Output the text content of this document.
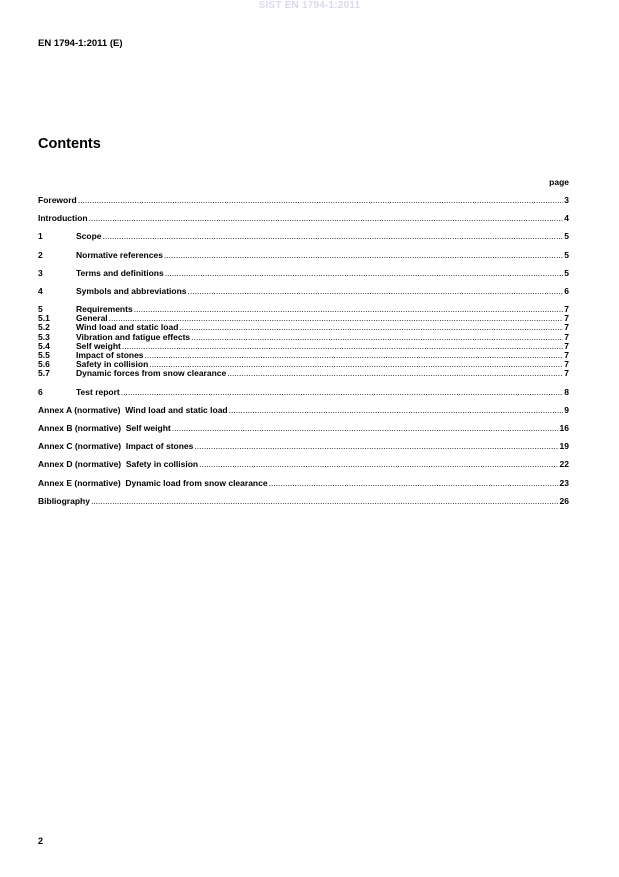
SIST EN 1794-1:2011
EN 1794-1:2011 (E)
Contents
page
Foreword .....	3
Introduction .....	4
1	Scope .....	5
2	Normative references .....	5
3	Terms and definitions .....	5
4	Symbols and abbreviations .....	6
5	Requirements .....	7
5.1	General .....	7
5.2	Wind load and static load .....	7
5.3	Vibration and fatigue effects .....	7
5.4	Self weight .....	7
5.5	Impact of stones .....	7
5.6	Safety in collision .....	7
5.7	Dynamic forces from snow clearance .....	7
6	Test report .....	8
Annex A (normative)  Wind load and static load .....	9
Annex B (normative)  Self weight .....	16
Annex C (normative)  Impact of stones .....	19
Annex D (normative)  Safety in collision .....	22
Annex E (normative)  Dynamic load from snow clearance .....	23
Bibliography .....	26
2
